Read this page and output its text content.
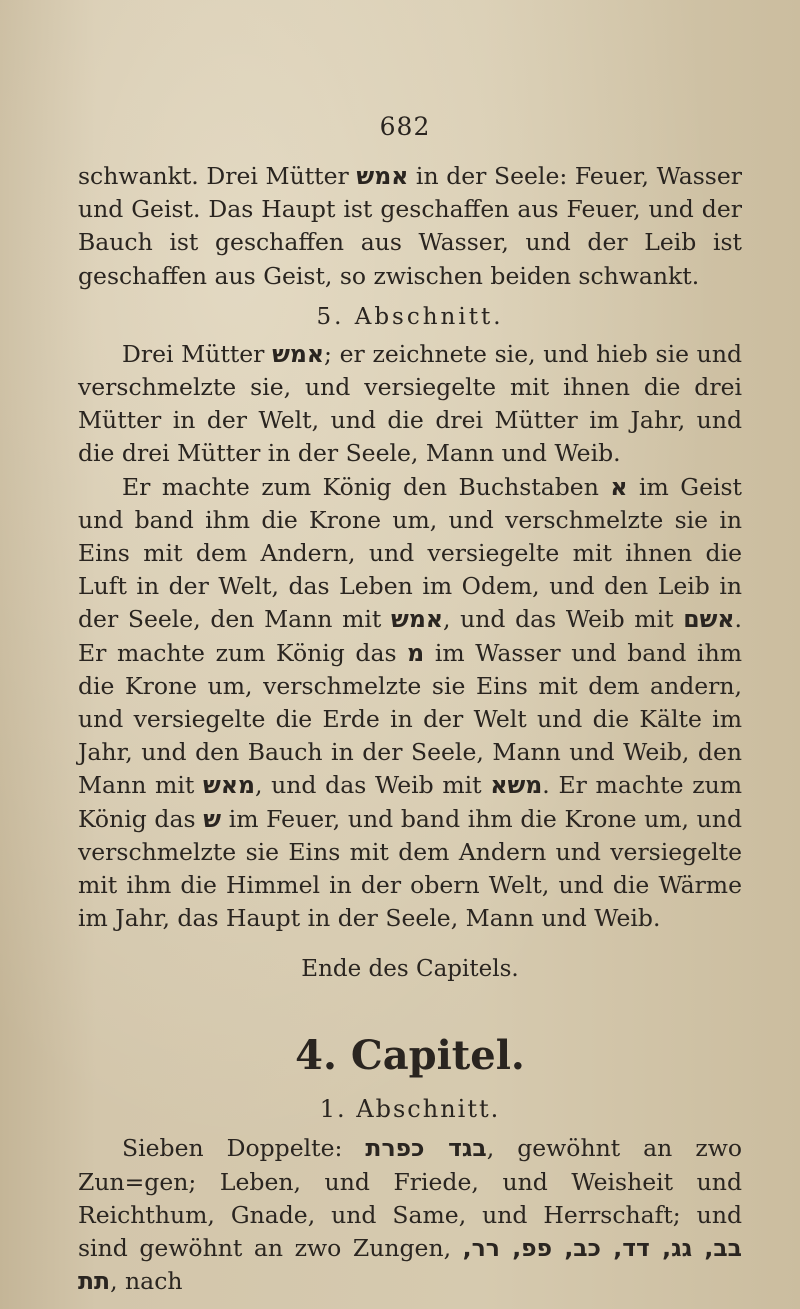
682

schwankt. Drei Mütter אמש in der Seele: Feuer, Wasser und Geist. Das Haupt ist geschaffen aus Feuer, und der Bauch ist geschaffen aus Wasser, und der Leib ist geschaffen aus Geist, so zwischen beiden schwankt.

5. Abschnitt.

Drei Mütter אמש; er zeichnete sie, und hieb sie und verschmelzte sie, und versiegelte mit ihnen die drei Mütter in der Welt, und die drei Mütter im Jahr, und die drei Mütter in der Seele, Mann und Weib.

Er machte zum König den Buchstaben א im Geist und band ihm die Krone um, und verschmelzte sie in Eins mit dem Andern, und versiegelte mit ihnen die Luft in der Welt, das Leben im Odem, und den Leib in der Seele, den Mann mit אמש, und das Weib mit אשם. Er machte zum König das מ im Wasser und band ihm die Krone um, verschmelzte sie Eins mit dem andern, und versiegelte die Erde in der Welt und die Kälte im Jahr, und den Bauch in der Seele, Mann und Weib, den Mann mit מאש, und das Weib mit משא. Er machte zum König das ש im Feuer, und band ihm die Krone um, und verschmelzte sie Eins mit dem Andern und versiegelte mit ihm die Himmel in der obern Welt, und die Wärme im Jahr, das Haupt in der Seele, Mann und Weib.

Ende des Capitels.
4. Capitel.
1. Abschnitt.

Sieben Doppelte: בגד כפרת, gewöhnt an zwo Zun=gen; Leben, und Friede, und Weisheit und Reichthum, Gnade, und Same, und Herrschaft; und sind gewöhnt an zwo Zungen, בב, גג, דד, כב, פפ, רר, תת, nach
